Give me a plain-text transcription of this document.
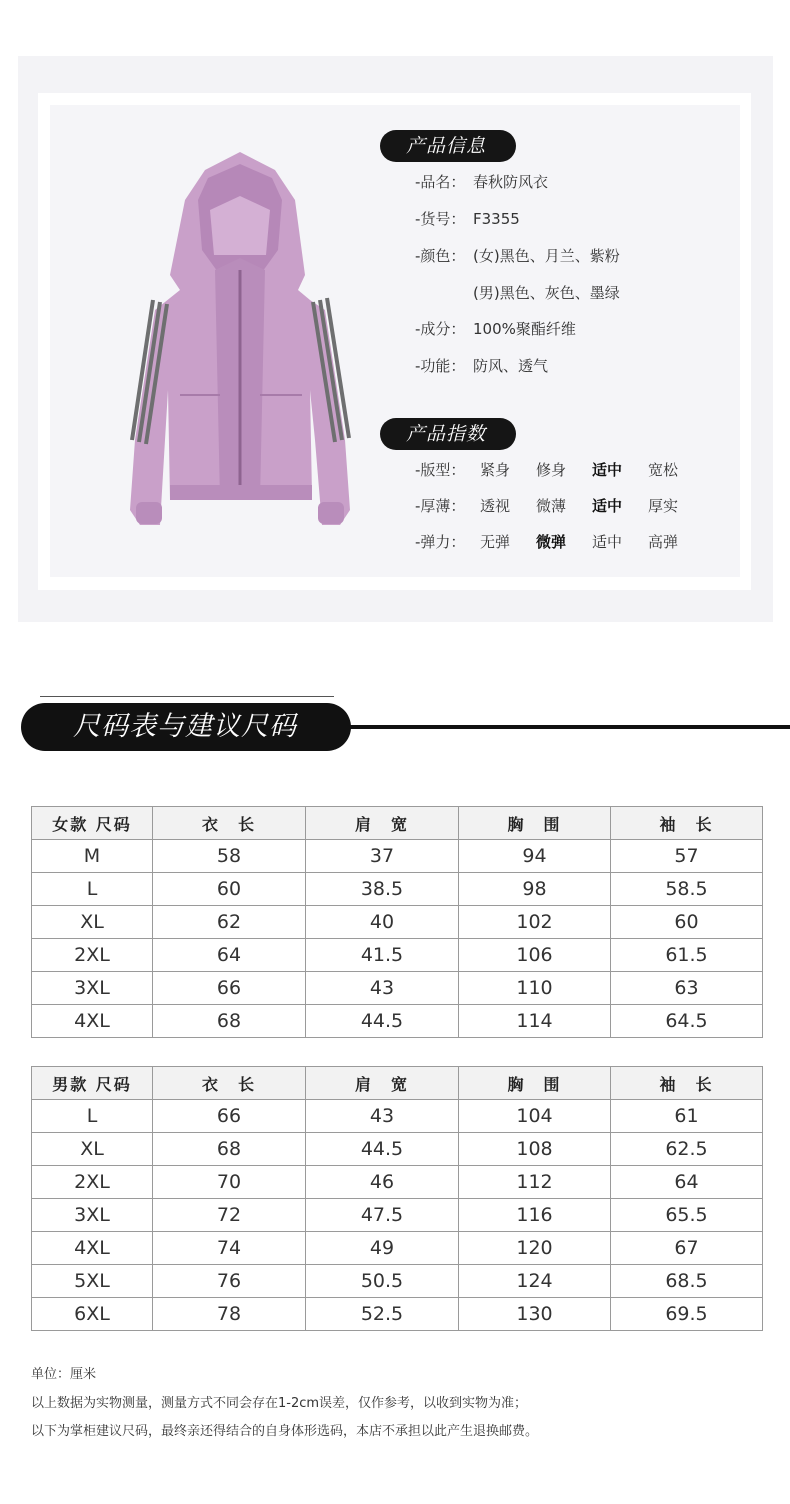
产品信息
-品名： 春秋防风衣
-货号： F3355
-颜色： (女)黑色、月兰、紫粉
(男)黑色、灰色、墨绿
-成分： 100%聚酯纤维
-功能： 防风、透气
产品指数
-版型： 紧身	修身	适中	宽松
-厚薄： 透视	微薄	适中	厚实
-弹力： 无弹	微弹	适中	高弹
尺码表与建议尺码
女款 尺码	衣　长	肩　宽	胸　围	袖　长
M	58	37	94	57
L	60	38.5	98	58.5
XL	62	40	102	60
2XL	64	41.5	106	61.5
3XL	66	43	110	63
4XL	68	44.5	114	64.5
男款 尺码	衣　长	肩　宽	胸　围	袖　长
L	66	43	104	61
XL	68	44.5	108	62.5
2XL	70	46	112	64
3XL	72	47.5	116	65.5
4XL	74	49	120	67
5XL	76	50.5	124	68.5
6XL	78	52.5	130	69.5
单位：厘米
以上数据为实物测量，测量方式不同会存在1-2cm误差，仅作参考，以收到实物为准；
以下为掌柜建议尺码，最终亲还得结合的自身体形选码，本店不承担以此产生退换邮费。
